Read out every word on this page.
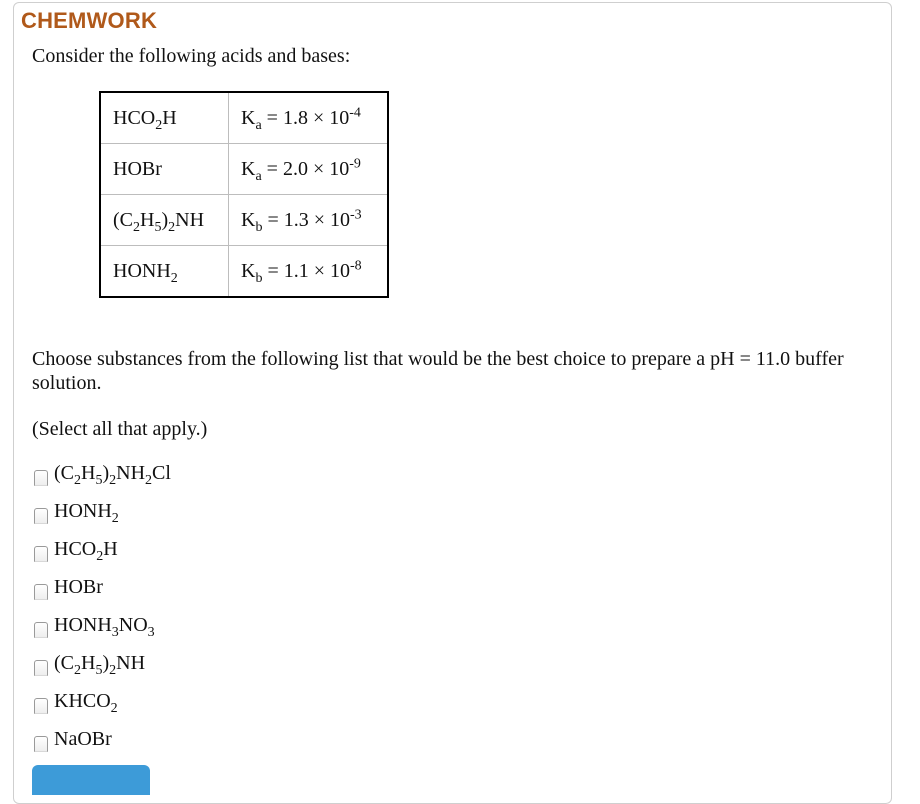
CHEMWORK
Consider the following acids and bases:
$HCO_2H$	$K_a = 1.8 \times 10^{-4}$
HOBr	$K_a = 2.0 \times 10^{-9}$
$(C_2H_5)_2NH$	$K_b = 1.3 \times 10^{-3}$
$HONH_2$	$K_b = 1.1 \times 10^{-8}$
Choose substances from the following list that would be the best choice to prepare a pH = 11.0 buffer solution.
(Select all that apply.)
$(C_2H_5)_2NH_2Cl$
$HONH_2$
$HCO_2H$
HOBr
$HONH_3NO_3$
$(C_2H_5)_2NH$
$KHCO_2$
NaOBr
